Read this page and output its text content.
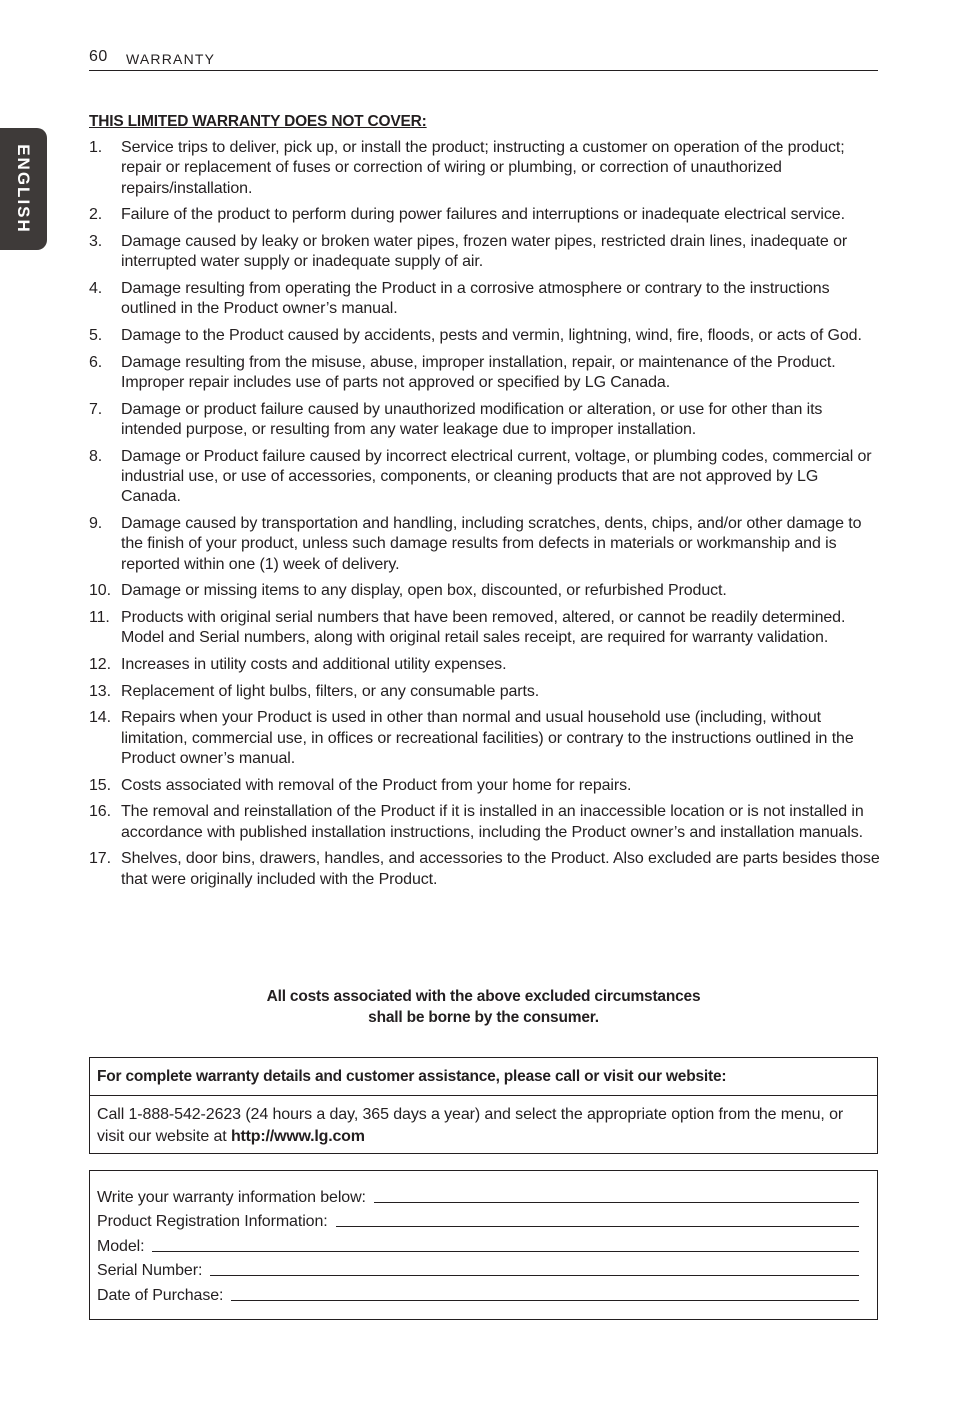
60 WARRANTY
ENGLISH
THIS LIMITED WARRANTY DOES NOT COVER:
1. Service trips to deliver, pick up, or install the product; instructing a customer on operation of the product; repair or replacement of fuses or correction of wiring or plumbing, or correction of unauthorized repairs/installation.
2. Failure of the product to perform during power failures and interruptions or inadequate electrical service.
3. Damage caused by leaky or broken water pipes, frozen water pipes, restricted drain lines, inadequate or interrupted water supply or inadequate supply of air.
4. Damage resulting from operating the Product in a corrosive atmosphere or contrary to the instructions outlined in the Product owner’s manual.
5. Damage to the Product caused by accidents, pests and vermin, lightning, wind, fire, floods, or acts of God.
6. Damage resulting from the misuse, abuse, improper installation, repair, or maintenance of the Product. Improper repair includes use of parts not approved or specified by LG Canada.
7. Damage or product failure caused by unauthorized modification or alteration, or use for other than its intended purpose, or resulting from any water leakage due to improper installation.
8. Damage or Product failure caused by incorrect electrical current, voltage, or plumbing codes, commercial or industrial use, or use of accessories, components, or cleaning products that are not approved by LG Canada.
9. Damage caused by transportation and handling, including scratches, dents, chips, and/or other damage to the finish of your product, unless such damage results from defects in materials or workmanship and is reported within one (1) week of delivery.
10. Damage or missing items to any display, open box, discounted, or refurbished Product.
11. Products with original serial numbers that have been removed, altered, or cannot be readily determined. Model and Serial numbers, along with original retail sales receipt, are required for warranty validation.
12. Increases in utility costs and additional utility expenses.
13. Replacement of light bulbs, filters, or any consumable parts.
14. Repairs when your Product is used in other than normal and usual household use (including, without limitation, commercial use, in offices or recreational facilities) or contrary to the instructions outlined in the Product owner’s manual.
15. Costs associated with removal of the Product from your home for repairs.
16. The removal and reinstallation of the Product if it is installed in an inaccessible location or is not installed in accordance with published installation instructions, including the Product owner’s and installation manuals.
17. Shelves, door bins, drawers, handles, and accessories to the Product. Also excluded are parts besides those that were originally included with the Product.
All costs associated with the above excluded circumstances
shall be borne by the consumer.
For complete warranty details and customer assistance, please call or visit our website:
Call 1-888-542-2623 (24 hours a day, 365 days a year) and select the appropriate option from the menu, or visit our website at http://www.lg.com
Write your warranty information below:
Product Registration Information:
Model:
Serial Number:
Date of Purchase:
